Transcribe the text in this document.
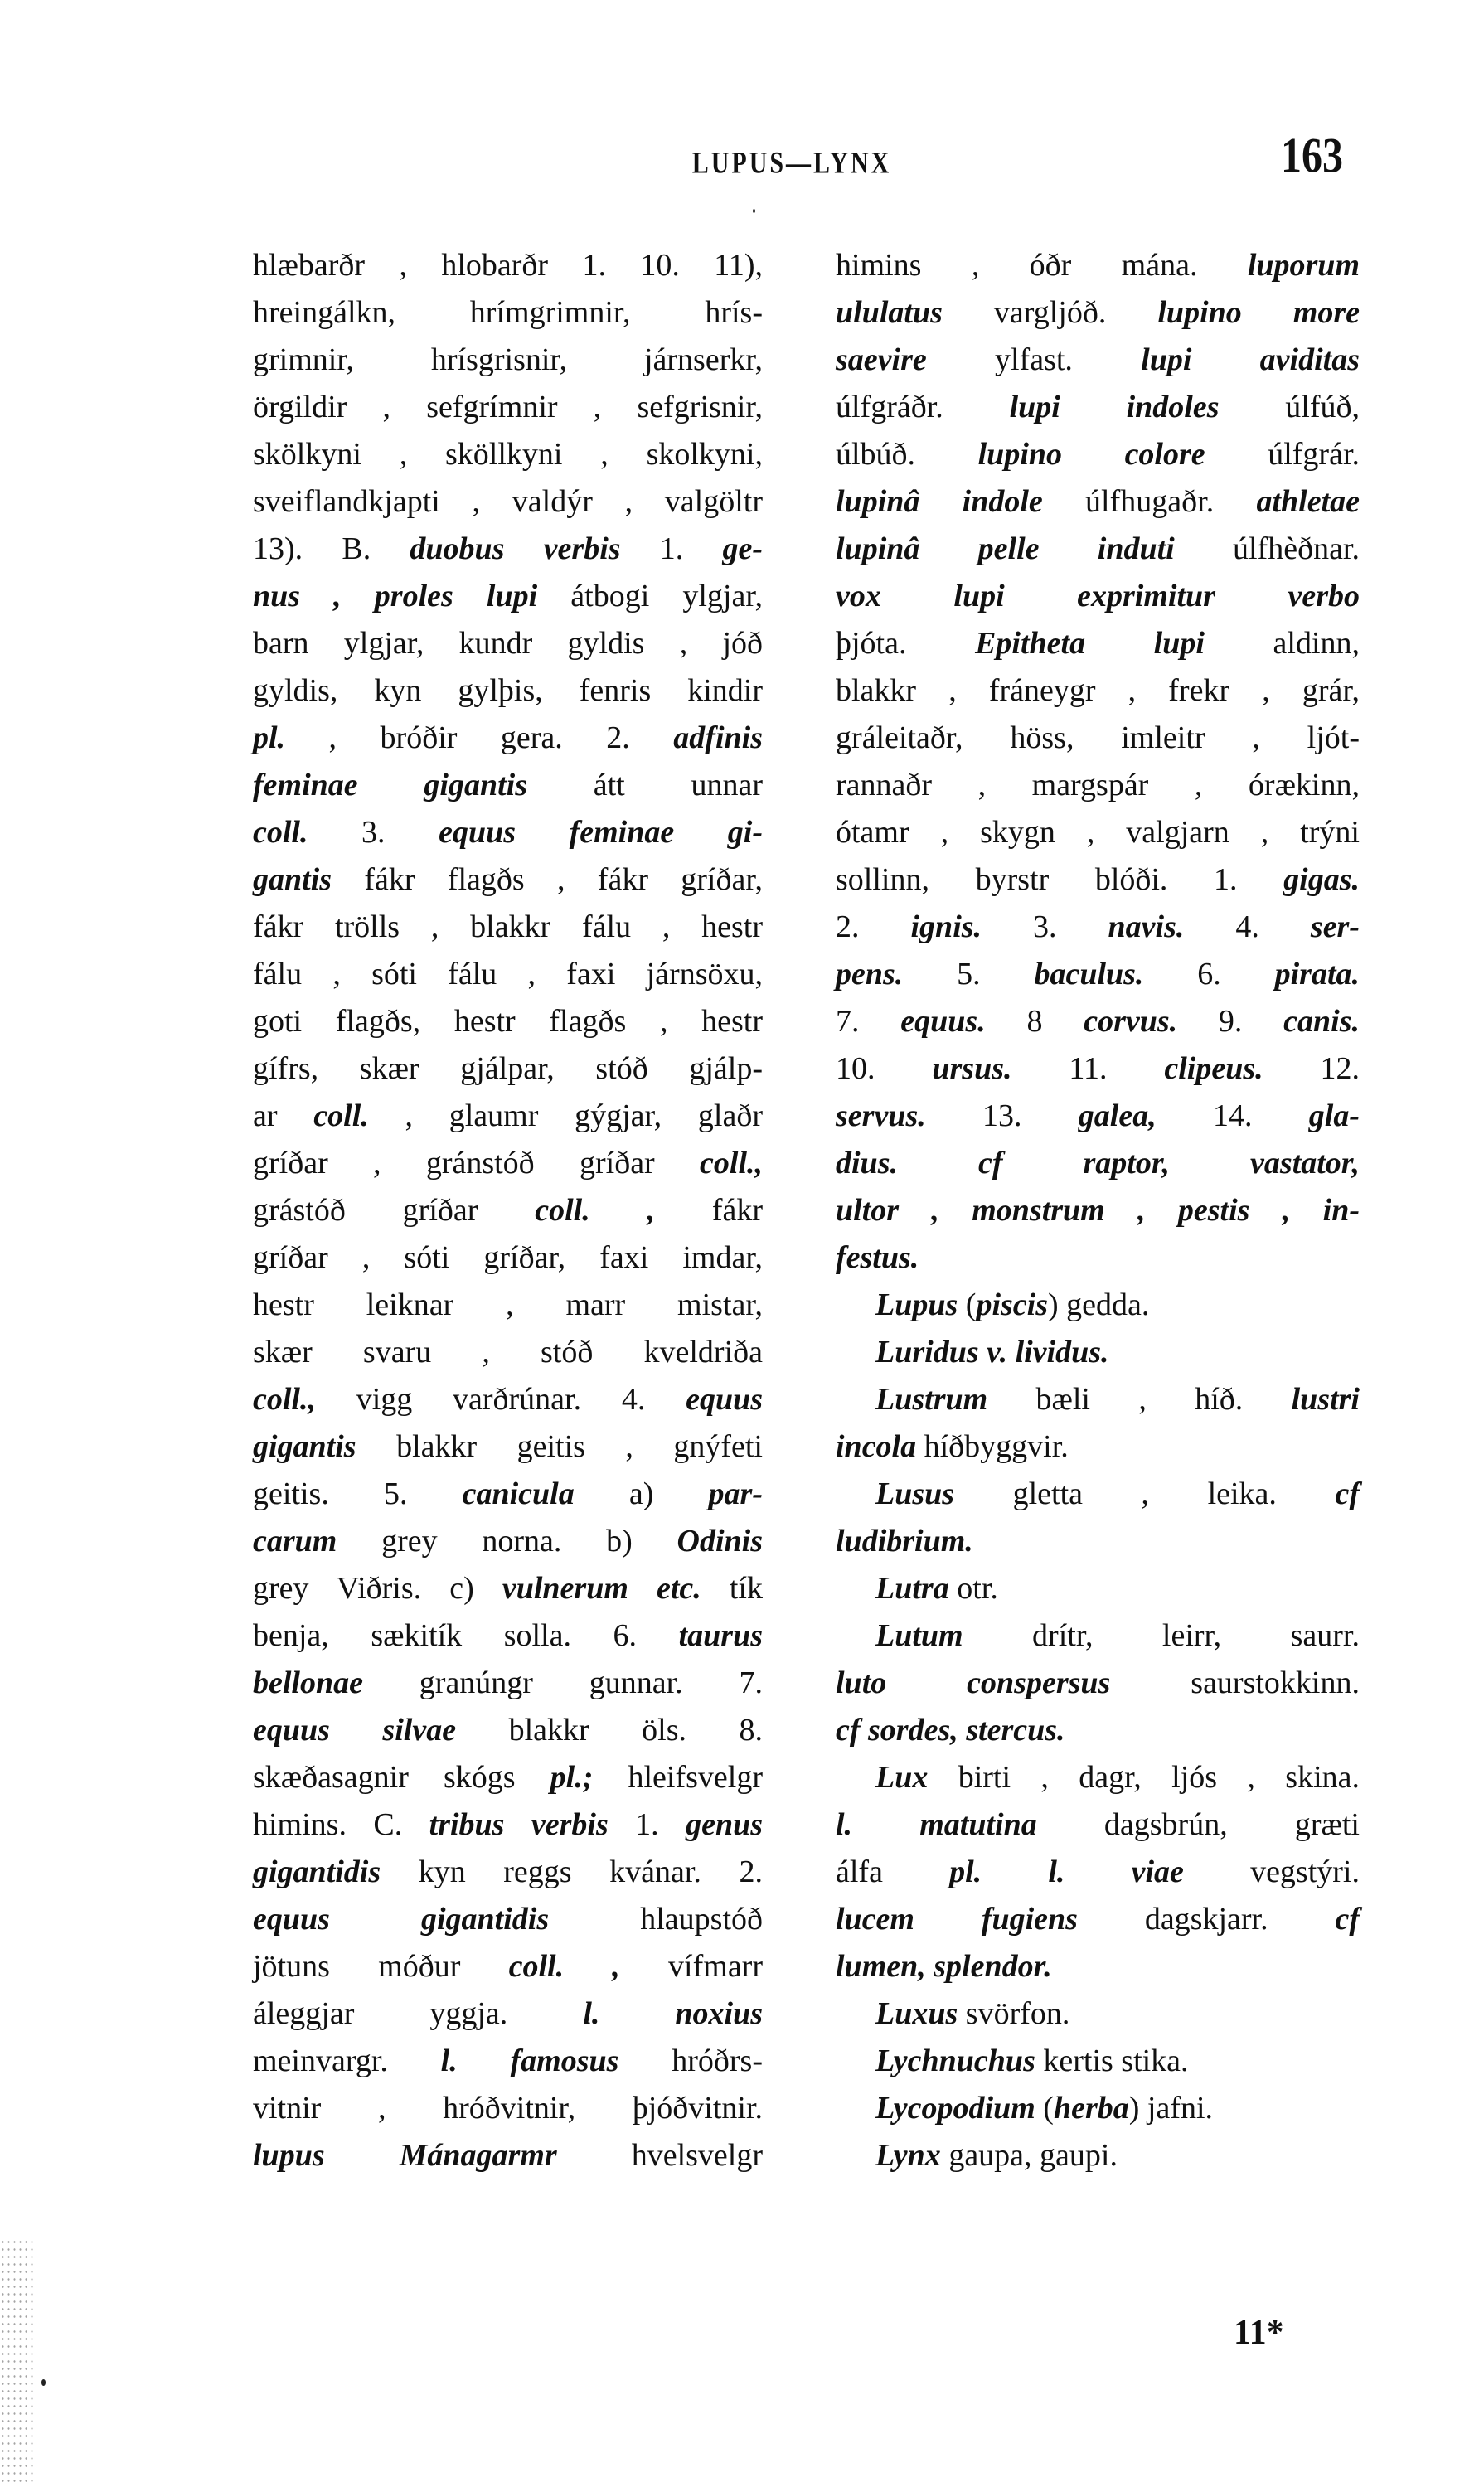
LUPUS—LYNX	163
hlæbarðr , hlobarðr 1. 10. 11),
hreingálkn, hrímgrimnir, hrís-
grimnir, hrísgrisnir, járnserkr,
örgildir , sefgrímnir , sefgrisnir,
skölkyni , sköllkyni , skolkyni,
sveiflandkjapti , valdýr , valgöltr
13). B. duobus verbis 1. ge-
nus , proles lupi átbogi ylgjar,
barn ylgjar, kundr gyldis , jóð
gyldis, kyn gylþis, fenris kindir
pl. , bróðir gera. 2. adfinis
feminae gigantis átt unnar
coll. 3. equus feminae gi-
gantis fákr flagðs , fákr gríðar,
fákr trölls , blakkr fálu , hestr
fálu , sóti fálu , faxi járnsöxu,
goti flagðs, hestr flagðs , hestr
gífrs, skær gjálpar, stóð gjálp-
ar coll. , glaumr gýgjar, glaðr
gríðar , gránstóð gríðar coll.,
grástóð gríðar coll. , fákr
gríðar , sóti gríðar, faxi imdar,
hestr leiknar , marr mistar,
skær svaru , stóð kveldriða
coll., vigg varðrúnar. 4. equus
gigantis blakkr geitis , gnýfeti
geitis. 5. canicula a) par-
carum grey norna. b) Odinis
grey Viðris. c) vulnerum etc. tík
benja, sækitík solla. 6. taurus
bellonae granúngr gunnar. 7.
equus silvae blakkr öls. 8.
skæðasagnir skógs pl.; hleifsvelgr
himins. C. tribus verbis 1. genus
gigantidis kyn reggs kvánar. 2.
equus gigantidis hlaupstóð
jötuns móður coll. , vífmarr
áleggjar yggja. l. noxius
meinvargr. l. famosus hróðrs-
vitnir , hróðvitnir, þjóðvitnir.
lupus Mánagarmr hvelsvelgr
himins , óðr mána. luporum
ululatus vargljóð. lupino more
saevire ylfast. lupi aviditas
úlfgráðr. lupi indoles úlfúð,
úlbúð. lupino colore úlfgrár.
lupinâ indole úlfhugaðr. athletae
lupinâ pelle induti úlfhèðnar.
vox lupi exprimitur verbo
þjóta. Epitheta lupi aldinn,
blakkr , fráneygr , frekr , grár,
gráleitaðr, höss, imleitr , ljót-
rannaðr , margspár , órækinn,
ótamr , skygn , valgjarn , trýni
sollinn, byrstr blóði. 1. gigas.
2. ignis. 3. navis. 4. ser-
pens. 5. baculus. 6. pirata.
7. equus. 8 corvus. 9. canis.
10. ursus. 11. clipeus. 12.
servus. 13. galea, 14. gla-
dius. cf raptor, vastator,
ultor , monstrum , pestis , in-
festus.
Lupus (piscis) gedda.
Luridus v. lividus.
Lustrum bæli , híð. lustri
incola híðbyggvir.
Lusus gletta , leika. cf
ludibrium.
Lutra otr.
Lutum drítr, leirr, saurr.
luto conspersus saurstokkinn.
cf sordes, stercus.
Lux birti , dagr, ljós , skina.
l. matutina dagsbrún, græti
álfa pl. l. viae vegstýri.
lucem fugiens dagskjarr. cf
lumen, splendor.
Luxus svörfon.
Lychnuchus kertis stika.
Lycopodium (herba) jafni.
Lynx gaupa, gaupi.
11*
